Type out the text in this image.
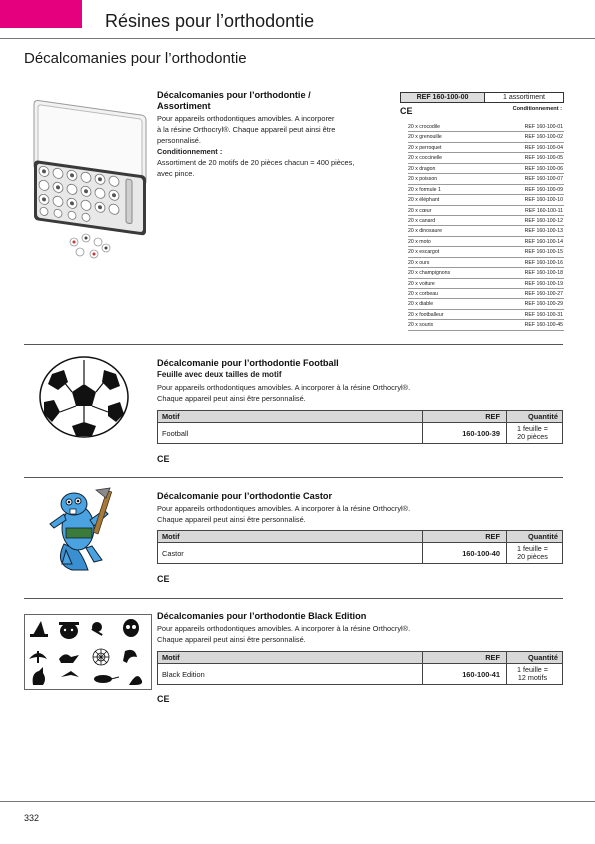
Résines pour l’orthodontie
Décalcomanies pour l’orthodontie
Décalcomanies pour l’orthodontie /
Assortiment
Pour appareils orthodontiques amovibles. A incorporer
à la résine Orthocryl®. Chaque appareil peut ainsi être
personnalisé.
Conditionnement :
Assortiment de 20 motifs de 20 pièces chacun = 400 pièces,
avec pince.
REF 160-100-00	1 assortiment
CE	Conditionnement :
20 x crocodile	REF 160-100-01
20 x grenouille	REF 160-100-02
20 x perroquet	REF 160-100-04
20 x coccinelle	REF 160-100-05
20 x dragon	REF 160-100-06
20 x poisson	REF 160-100-07
20 x formule 1	REF 160-100-09
20 x éléphant	REF 160-100-10
20 x cœur	REF 160-100-11
20 x canard	REF 160-100-12
20 x dinosaure	REF 160-100-13
20 x moto	REF 160-100-14
20 x escargot	REF 160-100-15
20 x ours	REF 160-100-16
20 x champignons	REF 160-100-18
20 x voiture	REF 160-100-19
20 x corbeau	REF 160-100-27
20 x diable	REF 160-100-29
20 x footballeur	REF 160-100-31
20 x souris	REF 160-100-45
Décalcomanie pour l’orthodontie Football
Feuille avec deux tailles de motif
Pour appareils orthodontiques amovibles. A incorporer à la résine Orthocryl®.
Chaque appareil peut ainsi être personnalisé.
Motif	REF	Quantité
Football	160-100-39	1 feuille =
20 pièces
CE
Décalcomanie pour l’orthodontie Castor
Pour appareils orthodontiques amovibles. A incorporer à la résine Orthocryl®.
Chaque appareil peut ainsi être personnalisé.
Motif	REF	Quantité
Castor	160-100-40	1 feuille =
20 pièces
CE
Décalcomanies pour l’orthodontie Black Edition
Pour appareils orthodontiques amovibles. A incorporer à la résine Orthocryl®.
Chaque appareil peut ainsi être personnalisé.
Motif	REF	Quantité
Black Edition	160-100-41	1 feuille =
12 motifs
CE
332
